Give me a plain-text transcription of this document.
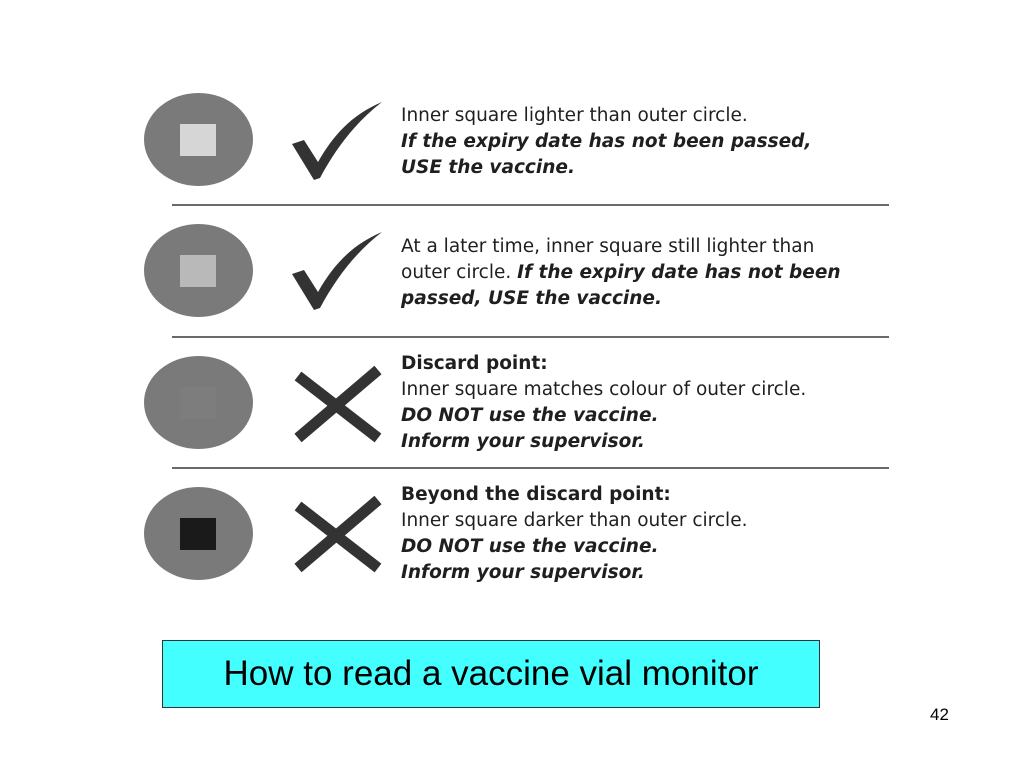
Inner square lighter than outer circle.
If the expiry date has not been passed,
USE the vaccine.
At a later time, inner square still lighter than
outer circle. If the expiry date has not been
passed, USE the vaccine.
Discard point:
Inner square matches colour of outer circle.
DO NOT use the vaccine.
Inform your supervisor.
Beyond the discard point:
Inner square darker than outer circle.
DO NOT use the vaccine.
Inform your supervisor.
How to read a vaccine vial monitor
42
